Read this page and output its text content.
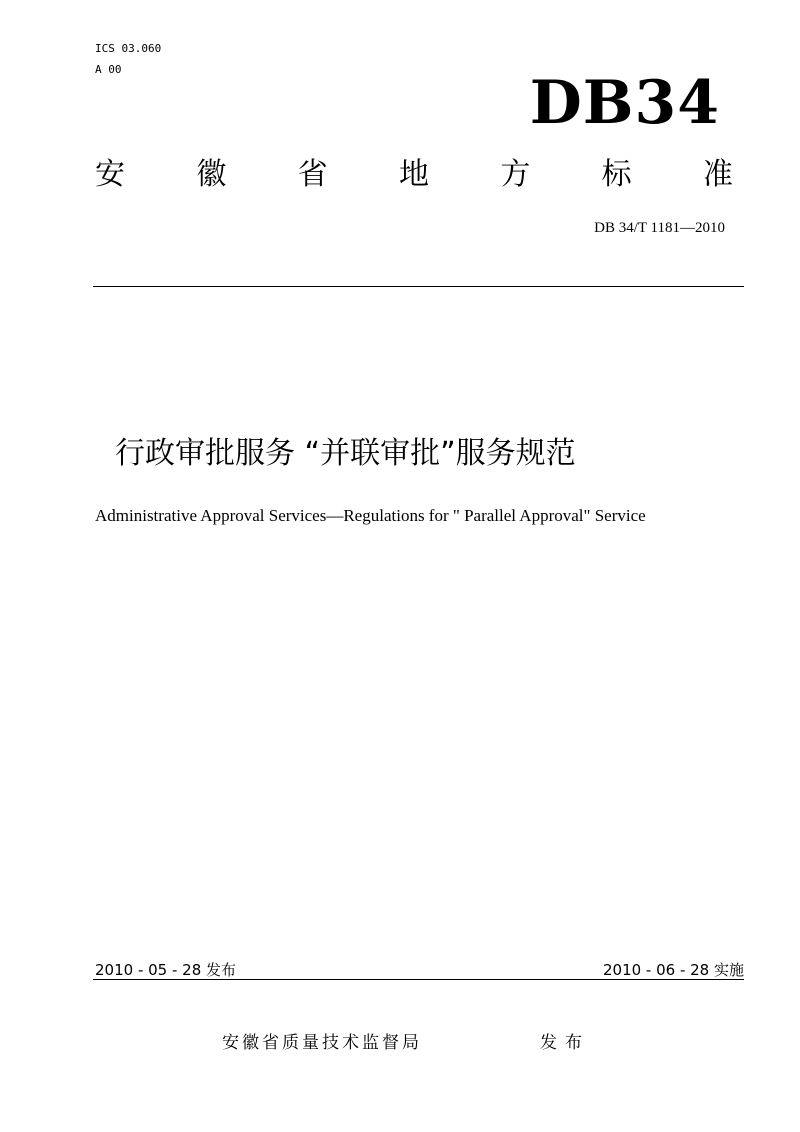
ICS 03.060
A 00	DB34
安 徽 省 地 方 标 准
DB 34/T 1181—2010
行政审批服务 “并联审批”服务规范
Administrative Approval Services—Regulations for " Parallel Approval" Service
2010 - 05 - 28 发布	2010 - 06 - 28 实施
安徽省质量技术监督局	发布
